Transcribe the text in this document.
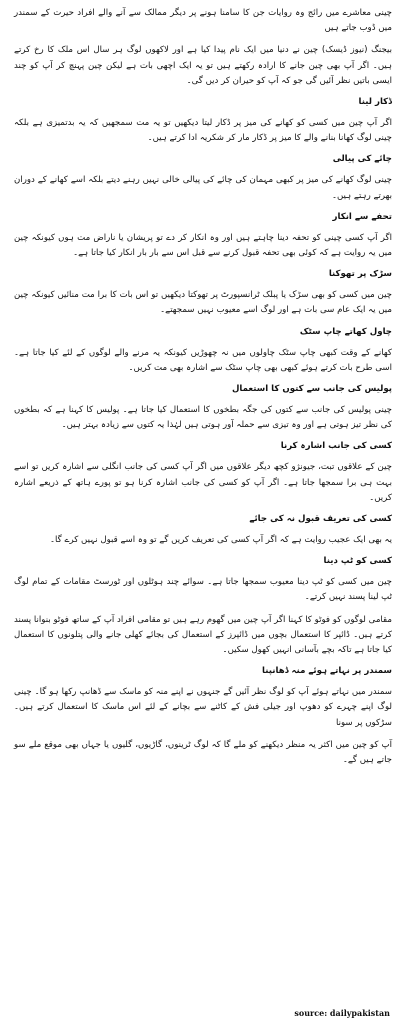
چینی معاشرے میں رائج وہ روایات جن کا سامنا ہونے پر دیگر ممالک سے آنے والے افراد حیرت کے سمندر میں ڈوب جاتے ہیں
بیجنگ (نیوز ڈیسک) چین نے دنیا میں ایک نام پیدا کیا ہے اور لاکھوں لوگ ہر سال اس ملک کا رخ کرتے ہیں۔ اگر آپ بھی چین جانے کا ارادہ رکھتے ہیں تو یہ ایک اچھی بات ہے لیکن چین پہنچ کر آپ کو چند ایسی باتیں نظر آئیں گی جو کہ آپ کو حیران کر دیں گی۔
ڈکار لینا
اگر آپ چین میں کسی کو کھانے کی میز پر ڈکار لیتا دیکھیں تو یہ مت سمجھیں کہ یہ بدتمیزی ہے بلکہ چینی لوگ کھانا بنانے والے کا میز پر ڈکار مار کر شکریہ ادا کرتے ہیں۔
چائے کی پیالی
چینی لوگ کھانے کی میز پر کبھی مہمان کی چائے کی پیالی خالی نہیں رہنے دیتے بلکہ اسے کھانے کے دوران بھرتے رہتے ہیں۔
تحفے سے انکار
اگر آپ کسی چینی کو تحفہ دینا چاہتے ہیں اور وہ انکار کر دے تو پریشان یا ناراض مت ہوں کیونکہ چین میں یہ روایت ہے کہ کوئی بھی تحفہ قبول کرنے سے قبل اس سے بار بار انکار کیا جاتا ہے۔
سڑک پر تھوکنا
چین میں کسی کو بھی سڑک یا پبلک ٹرانسپورٹ پر تھوکتا دیکھیں تو اس بات کا برا مت منائیں کیونکہ چین میں یہ ایک عام سی بات ہے اور لوگ اسے معیوب نہیں سمجھتے۔
چاول کھاتے چاپ سٹک
کھانے کے وقت کبھی چاپ سٹک چاولوں میں نہ چھوڑیں کیونکہ یہ مرنے والے لوگوں کے لئے کیا جاتا ہے۔ اسی طرح بات کرتے ہوئے کبھی بھی چاپ سٹک سے اشارہ بھی مت کریں۔
پولیس کی جانب سے کتوں کا استعمال
چینی پولیس کی جانب سے کتوں کی جگہ بطخوں کا استعمال کیا جاتا ہے۔ پولیس کا کہنا ہے کہ بطخوں کی نظر تیز ہوتی ہے اور وہ تیزی سے حملہ آور ہوتی ہیں لہٰذا یہ کتوں سے زیادہ بہتر ہیں۔
کسی کی جانب اشارہ کرنا
چین کے علاقوں تبت، جیونژو کچھ دیگر علاقوں میں اگر آپ کسی کی جانب انگلی سے اشارہ کریں تو اسے بہت ہی برا سمجھا جاتا ہے۔ اگر آپ کو کسی کی جانب اشارہ کرنا ہو تو پورے ہاتھ کے ذریعے اشارہ کریں۔
کسی کی تعریف قبول نہ کی جائے
یہ بھی ایک عجیب روایت ہے کہ اگر آپ کسی کی تعریف کریں گے تو وہ اسے قبول نہیں کرے گا۔
کسی کو ٹپ دینا
چین میں کسی کو ٹپ دینا معیوب سمجھا جاتا ہے۔ سوائے چند ہوٹلوں اور ٹورسٹ مقامات کے تمام لوگ ٹپ لینا پسند نہیں کرتے۔
مقامی لوگوں کو فوٹو کا کہنا اگر آپ چین میں گھوم رہے ہیں تو مقامی افراد آپ کے ساتھ فوٹو بنوانا پسند کرتے ہیں۔ ڈائپر کا استعمال بچوں میں ڈائپرز کے استعمال کی بجائے کھلی جانے والی پتلونوں کا استعمال کیا جاتا ہے تاکہ بچے بآسانی انہیں کھول سکیں۔
سمندر پر نہاتے ہوئے منہ ڈھانپنا
سمندر میں نہاتے ہوئے آپ کو لوگ نظر آئیں گے جنہوں نے اپنے منہ کو ماسک سے ڈھانپ رکھا ہو گا۔ چینی لوگ اپنے چہرے کو دھوپ اور جیلی فش کے کاٹنے سے بچانے کے لئے اس ماسک کا استعمال کرتے ہیں۔ سڑکوں پر سونا
آپ کو چین میں اکثر یہ منظر دیکھنے کو ملے گا کہ لوگ ٹرینوں، گاڑیوں، گلیوں یا جہاں بھی موقع ملے سو جاتے ہیں گے۔
source: dailypakistan
